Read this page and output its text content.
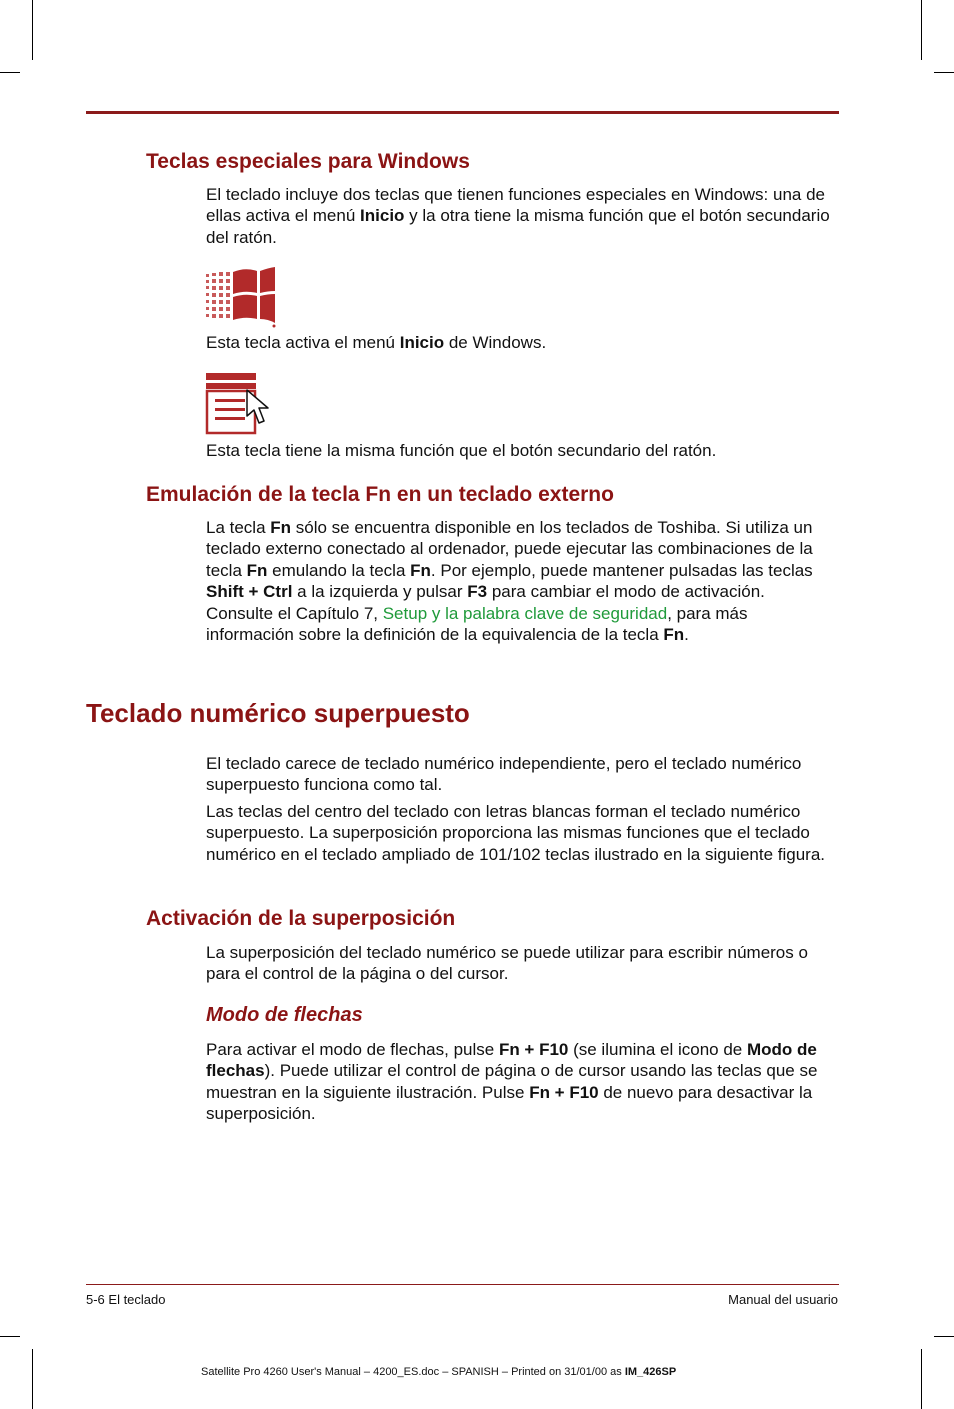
Teclas especiales para Windows

El teclado incluye dos teclas que tienen funciones especiales en Windows: una de ellas activa el menú Inicio y la otra tiene la misma función que el botón secundario del ratón.

Esta tecla activa el menú Inicio de Windows.

Esta tecla tiene la misma función que el botón secundario del ratón.

Emulación de la tecla Fn en un teclado externo

La tecla Fn sólo se encuentra disponible en los teclados de Toshiba. Si utiliza un teclado externo conectado al ordenador, puede ejecutar las combinaciones de la tecla Fn emulando la tecla Fn. Por ejemplo, puede mantener pulsadas las teclas Shift + Ctrl a la izquierda y pulsar F3 para cambiar el modo de activación. Consulte el Capítulo 7, Setup y la palabra clave de seguridad, para más información sobre la definición de la equivalencia de la tecla Fn.

Teclado numérico superpuesto

El teclado carece de teclado numérico independiente, pero el teclado numérico superpuesto funciona como tal.

Las teclas del centro del teclado con letras blancas forman el teclado numérico superpuesto. La superposición proporciona las mismas funciones que el teclado numérico en el teclado ampliado de 101/102 teclas ilustrado en la siguiente figura.

Activación de la superposición

La superposición del teclado numérico se puede utilizar para escribir números o para el control de la página o del cursor.

Modo de flechas

Para activar el modo de flechas, pulse Fn + F10 (se ilumina el icono de Modo de flechas). Puede utilizar el control de página o de cursor usando las teclas que se muestran en la siguiente ilustración. Pulse Fn + F10 de nuevo para desactivar la superposición.

5-6 El teclado	Manual del usuario
Satellite Pro 4260 User's Manual – 4200_ES.doc – SPANISH – Printed on 31/01/00 as IM_426SP
